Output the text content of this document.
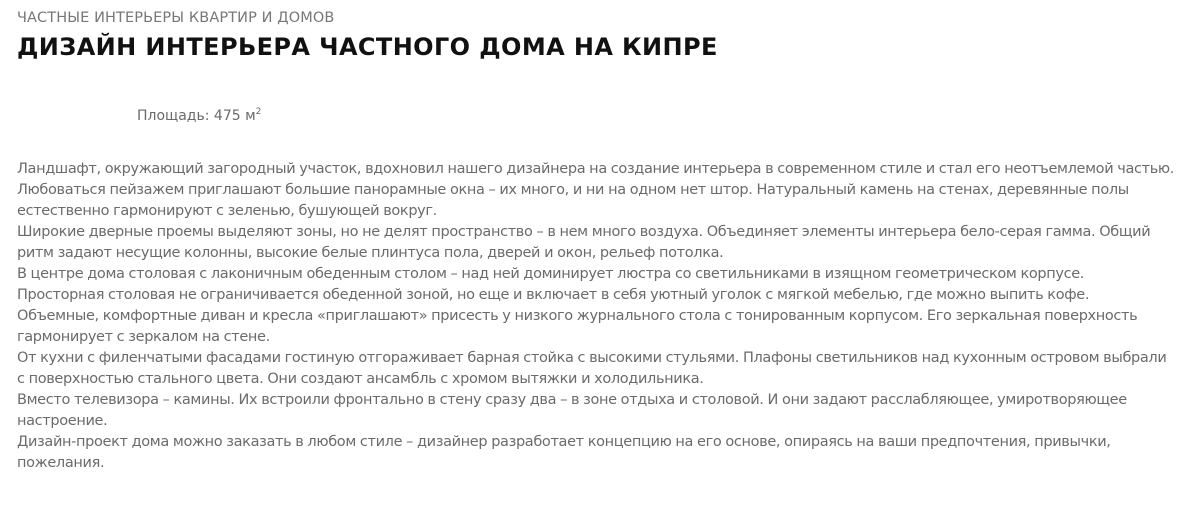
ЧАСТНЫЕ ИНТЕРЬЕРЫ КВАРТИР И ДОМОВ
ДИЗАЙН ИНТЕРЬЕРА ЧАСТНОГО ДОМА НА КИПРЕ
Площадь: 475 $м^2$

Ландшафт, окружающий загородный участок, вдохновил нашего дизайнера на создание интерьера в современном стиле и стал его неотъемлемой частью. Любоваться пейзажем приглашают большие панорамные окна – их много, и ни на одном нет штор. Натуральный камень на стенах, деревянные полы естественно гармонируют с зеленью, бушующей вокруг.

Широкие дверные проемы выделяют зоны, но не делят пространство – в нем много воздуха. Объединяет элементы интерьера бело-серая гамма. Общий ритм задают несущие колонны, высокие белые плинтуса пола, дверей и окон, рельеф потолка.

В центре дома столовая с лаконичным обеденным столом – над ней доминирует люстра со светильниками в изящном геометрическом корпусе.

Просторная столовая не ограничивается обеденной зоной, но еще и включает в себя уютный уголок с мягкой мебелью, где можно выпить кофе.

Объемные, комфортные диван и кресла «приглашают» присесть у низкого журнального стола с тонированным корпусом. Его зеркальная поверхность гармонирует с зеркалом на стене.

От кухни с филенчатыми фасадами гостиную отгораживает барная стойка с высокими стульями. Плафоны светильников над кухонным островом выбрали с поверхностью стального цвета. Они создают ансамбль с хромом вытяжки и холодильника.

Вместо телевизора – камины. Их встроили фронтально в стену сразу два – в зоне отдыха и столовой. И они задают расслабляющее, умиротворяющее настроение.

Дизайн-проект дома можно заказать в любом стиле – дизайнер разработает концепцию на его основе, опираясь на ваши предпочтения, привычки, пожелания.
